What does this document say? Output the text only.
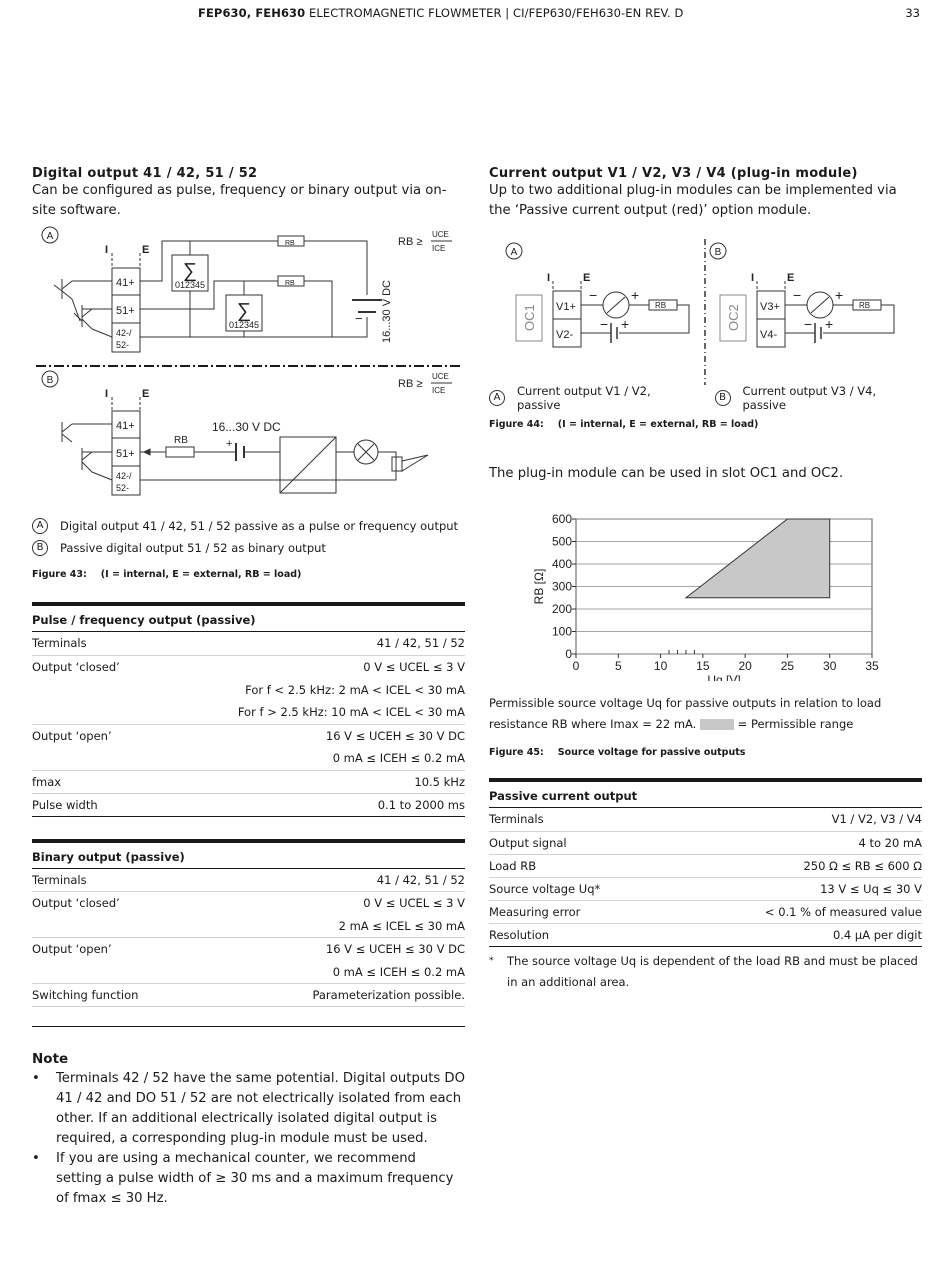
FEP630, FEH630 ELECTROMAGNETIC FLOWMETER | CI/FEP630/FEH630-EN REV. D	33
Digital output 41 / 42, 51 / 52

Can be configured as pulse, frequency or binary output via on-site software.

A
I	E
41+
51+
42-/
52-
∑
012345
∑
012345
RB
RB
RB ≥
UCE
ICE
− 16...30 V DC
B	RB ≥
UCE
ICE
I	E
41+
51+
42-/
52-
RB
16...30 V DC
+
A	Digital output 41 / 42, 51 / 52 passive as a pulse or frequency output
B	Passive digital output 51 / 52 as binary output
Figure 43: (I = internal, E = external, RB = load)
Pulse / frequency output (passive)
Terminals	41 / 42, 51 / 52
Output ‘closed’	0 V ≤ UCEL ≤ 3 V
	For f < 2.5 kHz: 2 mA < ICEL < 30 mA
	For f > 2.5 kHz: 10 mA < ICEL < 30 mA
Output ‘open’	16 V ≤ UCEH ≤ 30 V DC
	0 mA ≤ ICEH ≤ 0.2 mA
fmax	10.5 kHz
Pulse width	0.1 to 2000 ms
Binary output (passive)
Terminals	41 / 42, 51 / 52
Output ‘closed’	0 V ≤ UCEL ≤ 3 V
	2 mA ≤ ICEL ≤ 30 mA
Output ‘open’	16 V ≤ UCEH ≤ 30 V DC
	0 mA ≤ ICEH ≤ 0.2 mA
Switching function	Parameterization possible.

Note
• Terminals 42 / 52 have the same potential. Digital outputs DO 41 / 42 and DO 51 / 52 are not electrically isolated from each other. If an additional electrically isolated digital output is required, a corresponding plug-in module must be used.
• If you are using a mechanical counter, we recommend setting a pulse width of ≥ 30 ms and a maximum frequency of fmax ≤ 30 Hz.
Current output V1 / V2, V3 / V4 (plug-in module)

Up to two additional plug-in modules can be implemented via the ‘Passive current output (red)’ option module.

A	B
I	E	I	E
OC1	OC2
V1+
V2-
V3+
V4-
− +
− +
− +
− +
RB	RB
A	Current output V1 / V2, passive
B	Current output V3 / V4, passive
Figure 44: (I = internal, E = external, RB = load)

The plug-in module can be used in slot OC1 and OC2.

0
100
200
300
400
500
600
0	5	10 15 20 25 30 35
Uq [V]
RB [Ω]
Permissible source voltage Uq for passive outputs in relation to load
resistance RB where Imax = 22 mA.	= Permissible range
Figure 45: Source voltage for passive outputs
Passive current output
Terminals	V1 / V2, V3 / V4
Output signal	4 to 20 mA
Load RB	250 Ω ≤ RB ≤ 600 Ω
Source voltage Uq*	13 V ≤ Uq ≤ 30 V
Measuring error	< 0.1 % of measured value
Resolution	0.4 µA per digit
*	The source voltage Uq is dependent of the load RB and must be placed in an additional area.
